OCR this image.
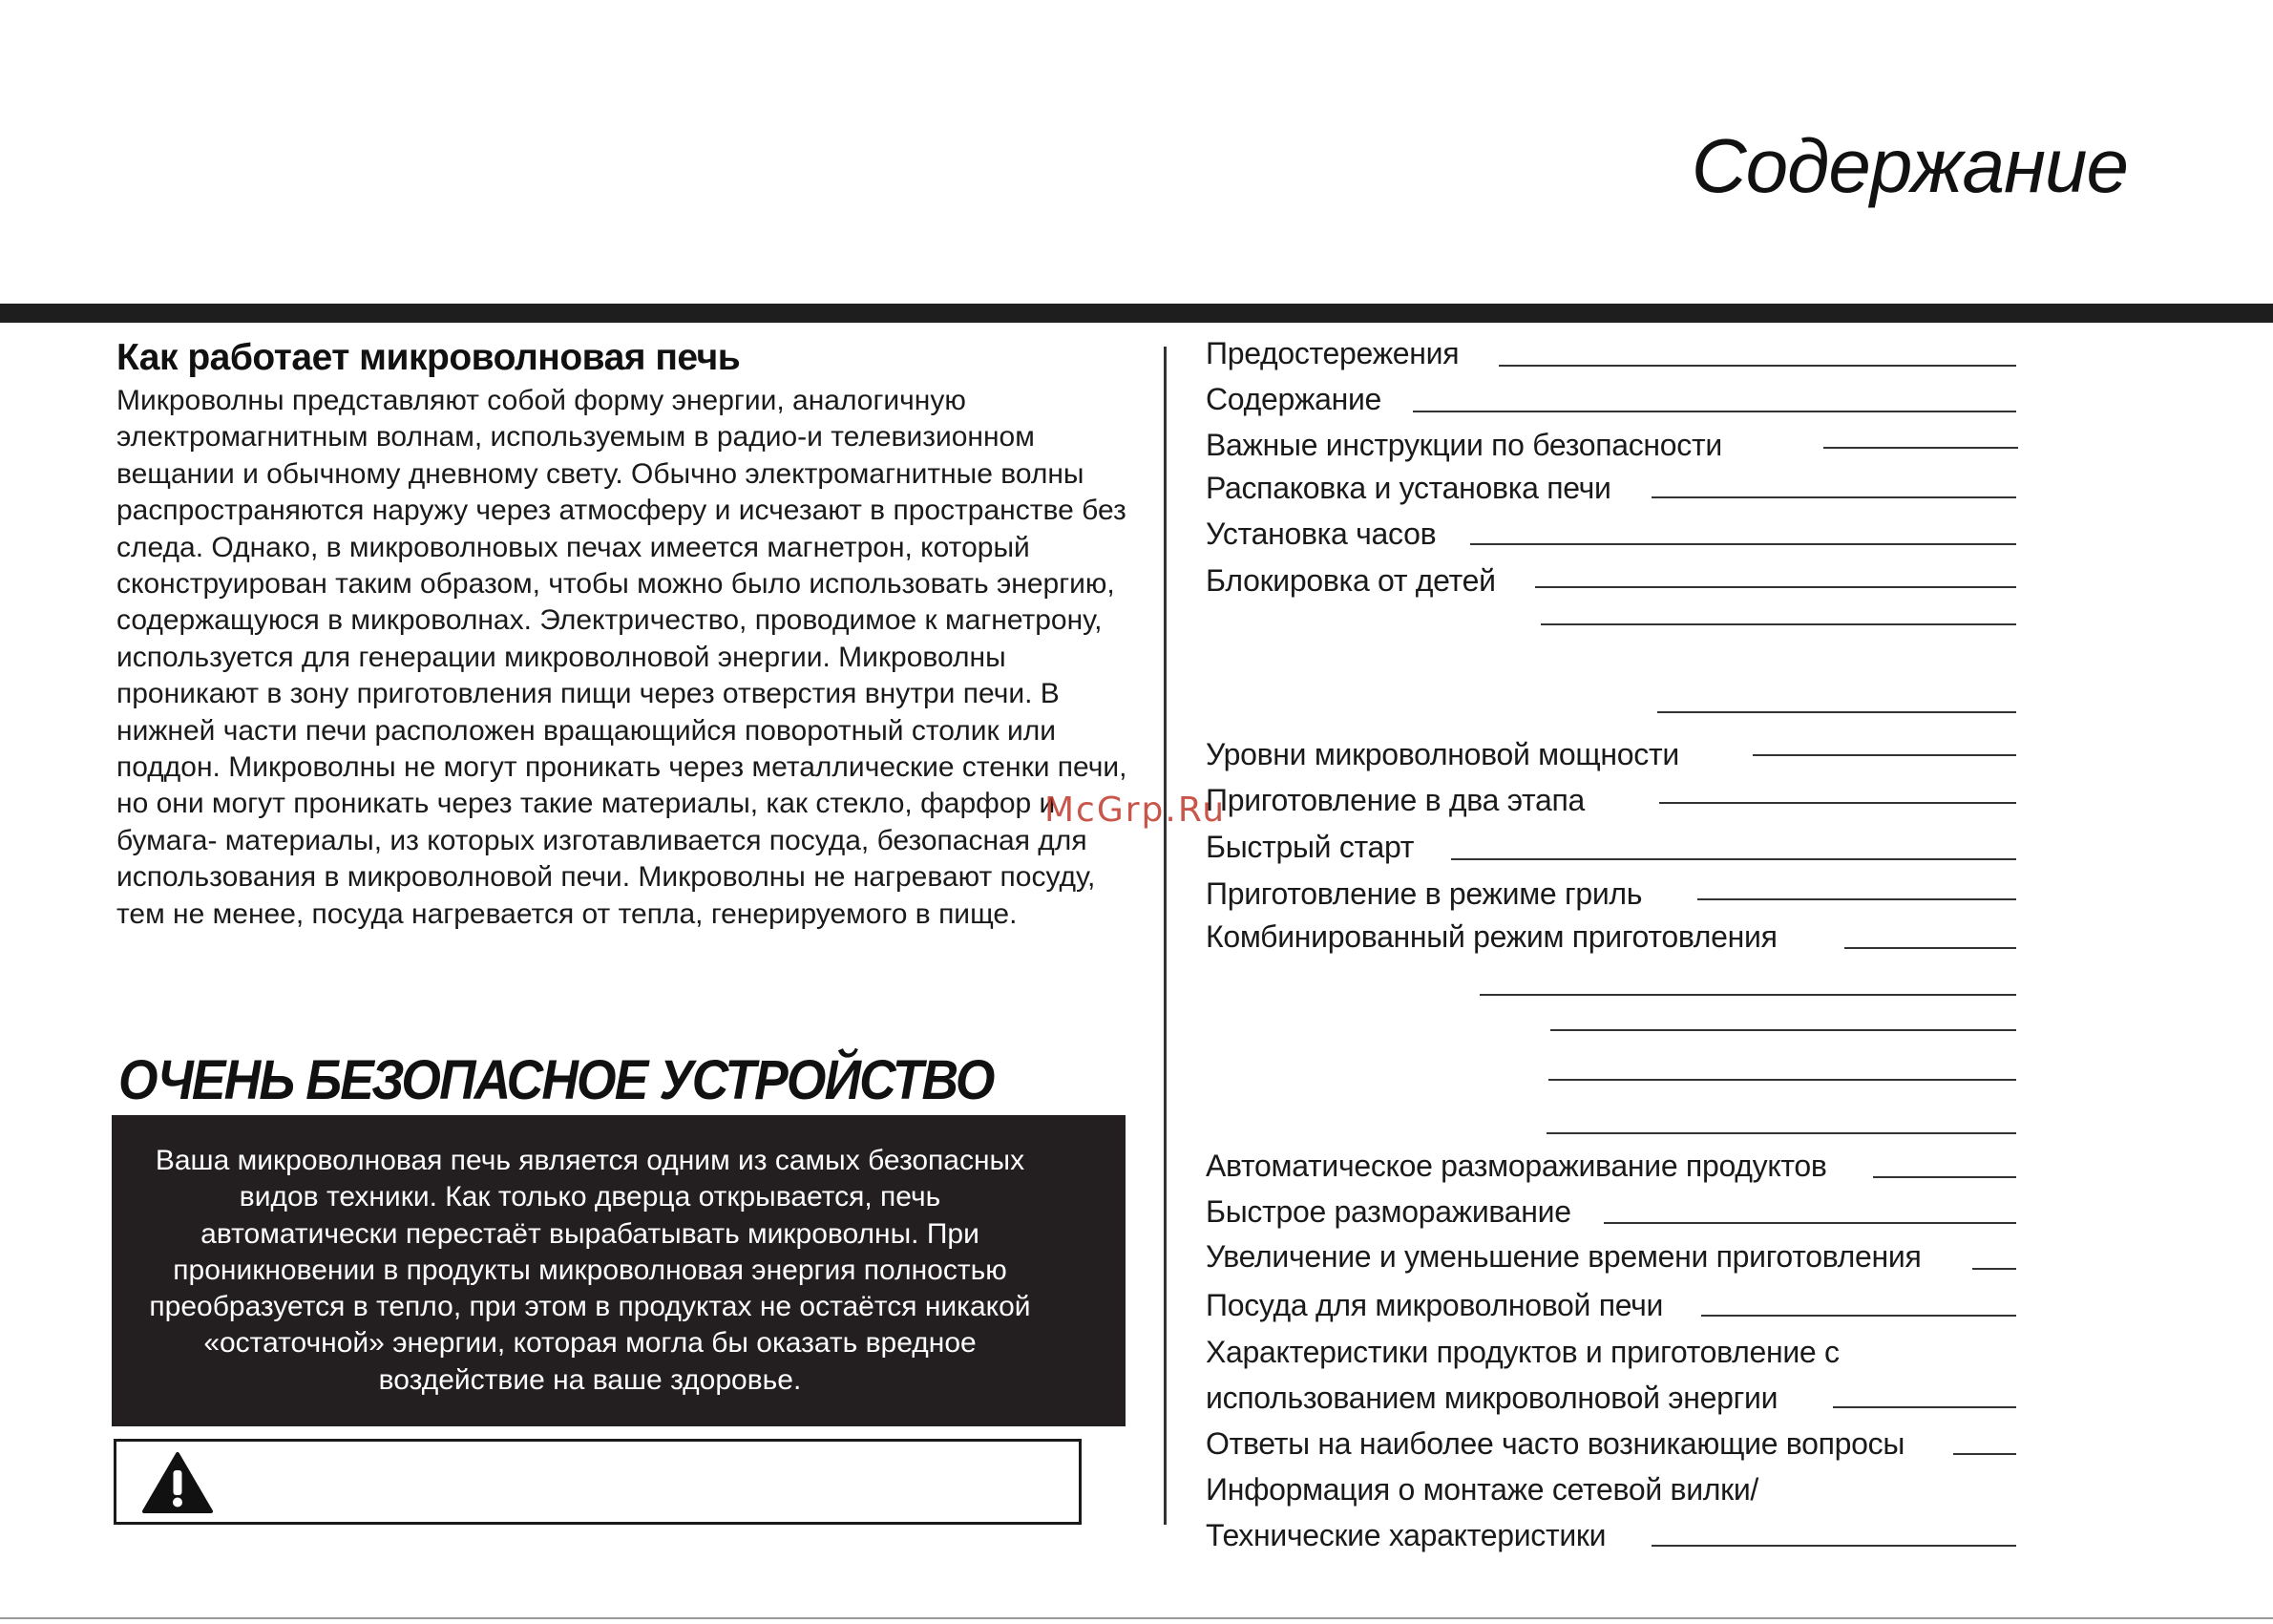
Содержание
Как работает микроволновая печь

Микроволны представляют собой форму энергии, аналогичную электромагнитным волнам, используемым в радио-и телевизионном вещании и обычному дневному свету. Обычно электромагнитные волны распространяются наружу через атмосферу и исчезают в пространстве без следа. Однако, в микроволновых печах имеется магнетрон, который сконструирован таким образом, чтобы можно было использовать энергию, содержащуюся в микроволнах. Электричество, проводимое к магнетрону, используется для генерации микроволновой энергии. Микроволны проникают в зону приготовления пищи через отверстия внутри печи. В нижней части печи расположен вращающийся поворотный столик или поддон. Микроволны не могут проникать через металлические стенки печи, но они могут проникать через такие материалы, как стекло, фарфор и бумага- материалы, из которых изготавливается посуда, безопасная для использования в микроволновой печи. Микроволны не нагревают посуду, тем не менее, посуда нагревается от тепла, генерируемого в пище.

ОЧЕНЬ БЕЗОПАСНОЕ УСТРОЙСТВО

Ваша микроволновая печь является одним из самых безопасных видов техники. Как только дверца открывается, печь автоматически перестаёт вырабатывать микроволны. При проникновении в продукты микроволновая энергия полностью преобразуется в тепло, при этом в продуктах не остаётся никакой «остаточной» энергии, которая могла бы оказать вредное воздействие на ваше здоровье.

McGrp.Ru
Предостережения
Содержание
Важные инструкции по безопасности
Распаковка и установка печи
Установка часов
Блокировка от детей
Уровни микроволновой мощности
Приготовление в два этапа
Быстрый старт
Приготовление в режиме гриль
Комбинированный режим приготовления
Автоматическое размораживание продуктов
Быстрое размораживание
Увеличение и уменьшение времени приготовления
Посуда для микроволновой печи
Характеристики продуктов и приготовление с
использованием микроволновой энергии
Ответы на наиболее часто возникающие вопросы
Информация о монтаже сетевой вилки/
Технические характеристики
